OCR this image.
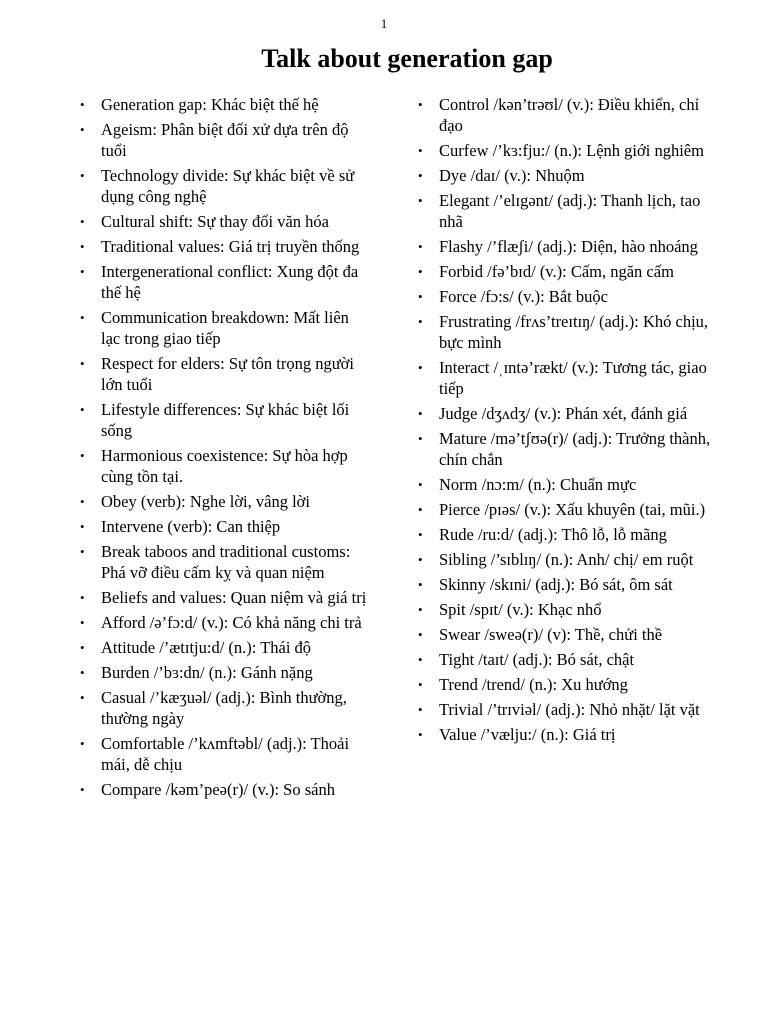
1
Talk about generation gap
• Generation gap: Khác biệt thế hệ
• Ageism: Phân biệt đối xử dựa trên độ tuổi
• Technology divide: Sự khác biệt về sử dụng công nghệ
• Cultural shift: Sự thay đổi văn hóa
• Traditional values: Giá trị truyền thống
• Intergenerational conflict: Xung đột đa thế hệ
• Communication breakdown: Mất liên lạc trong giao tiếp
• Respect for elders: Sự tôn trọng người lớn tuổi
• Lifestyle differences: Sự khác biệt lối sống
• Harmonious coexistence: Sự hòa hợp cùng tồn tại.
• Obey (verb): Nghe lời, vâng lời
• Intervene (verb): Can thiệp
• Break taboos and traditional customs: Phá vỡ điều cấm kỵ và quan niệm
• Beliefs and values: Quan niệm và giá trị
• Afford /ə’fɔ:d/ (v.): Có khả năng chi trả
• Attitude /’ætɪtju:d/ (n.): Thái độ
• Burden /’bɜ:dn/ (n.): Gánh nặng
• Casual /’kæʒuəl/ (adj.): Bình thường, thường ngày
• Comfortable /’kʌmftəbl/ (adj.): Thoải mái, dễ chịu
• Compare /kəm’peə(r)/ (v.): So sánh
• Control /kən’trəʊl/ (v.): Điều khiển, chỉ đạo
• Curfew /’kɜ:fju:/ (n.): Lệnh giới nghiêm
• Dye /daɪ/ (v.): Nhuộm
• Elegant /’elɪgənt/ (adj.): Thanh lịch, tao nhã
• Flashy /’flæʃi/ (adj.): Diện, hào nhoáng
• Forbid /fə’bɪd/ (v.): Cấm, ngăn cấm
• Force /fɔ:s/ (v.): Bắt buộc
• Frustrating /frʌs’treɪtɪŋ/ (adj.): Khó chịu, bực mình
• Interact /ˌɪntə’rækt/ (v.): Tương tác, giao tiếp
• Judge /dʒʌdʒ/ (v.): Phán xét, đánh giá
• Mature /mə’tʃʊə(r)/ (adj.): Trưởng thành, chín chắn
• Norm /nɔ:m/ (n.): Chuẩn mực
• Pierce /pɪəs/ (v.): Xấu khuyên (tai, mũi.)
• Rude /ru:d/ (adj.): Thô lỗ, lỗ mãng
• Sibling /’sɪblɪŋ/ (n.): Anh/ chị/ em ruột
• Skinny /skɪni/ (adj.): Bó sát, ôm sát
• Spit /spɪt/ (v.): Khạc nhổ
• Swear /sweə(r)/ (v): Thề, chửi thề
• Tight /taɪt/ (adj.): Bó sát, chật
• Trend /trend/ (n.): Xu hướng
• Trivial /’trɪviəl/ (adj.): Nhỏ nhặt/ lặt vặt
• Value /’vælju:/ (n.): Giá trị
